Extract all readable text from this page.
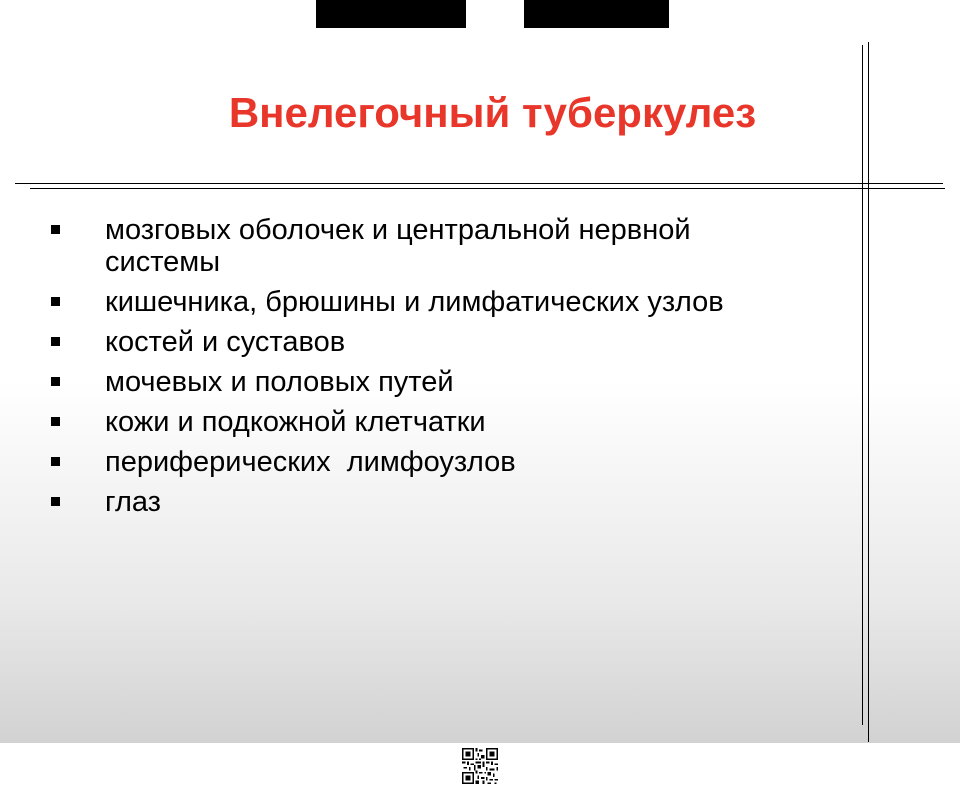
Внелегочный туберкулез
мозговых оболочек и центральной нервной системы
кишечника, брюшины и лимфатических узлов
костей и суставов
мочевых и половых путей
кожи и подкожной клетчатки
периферических  лимфоузлов
глаз
